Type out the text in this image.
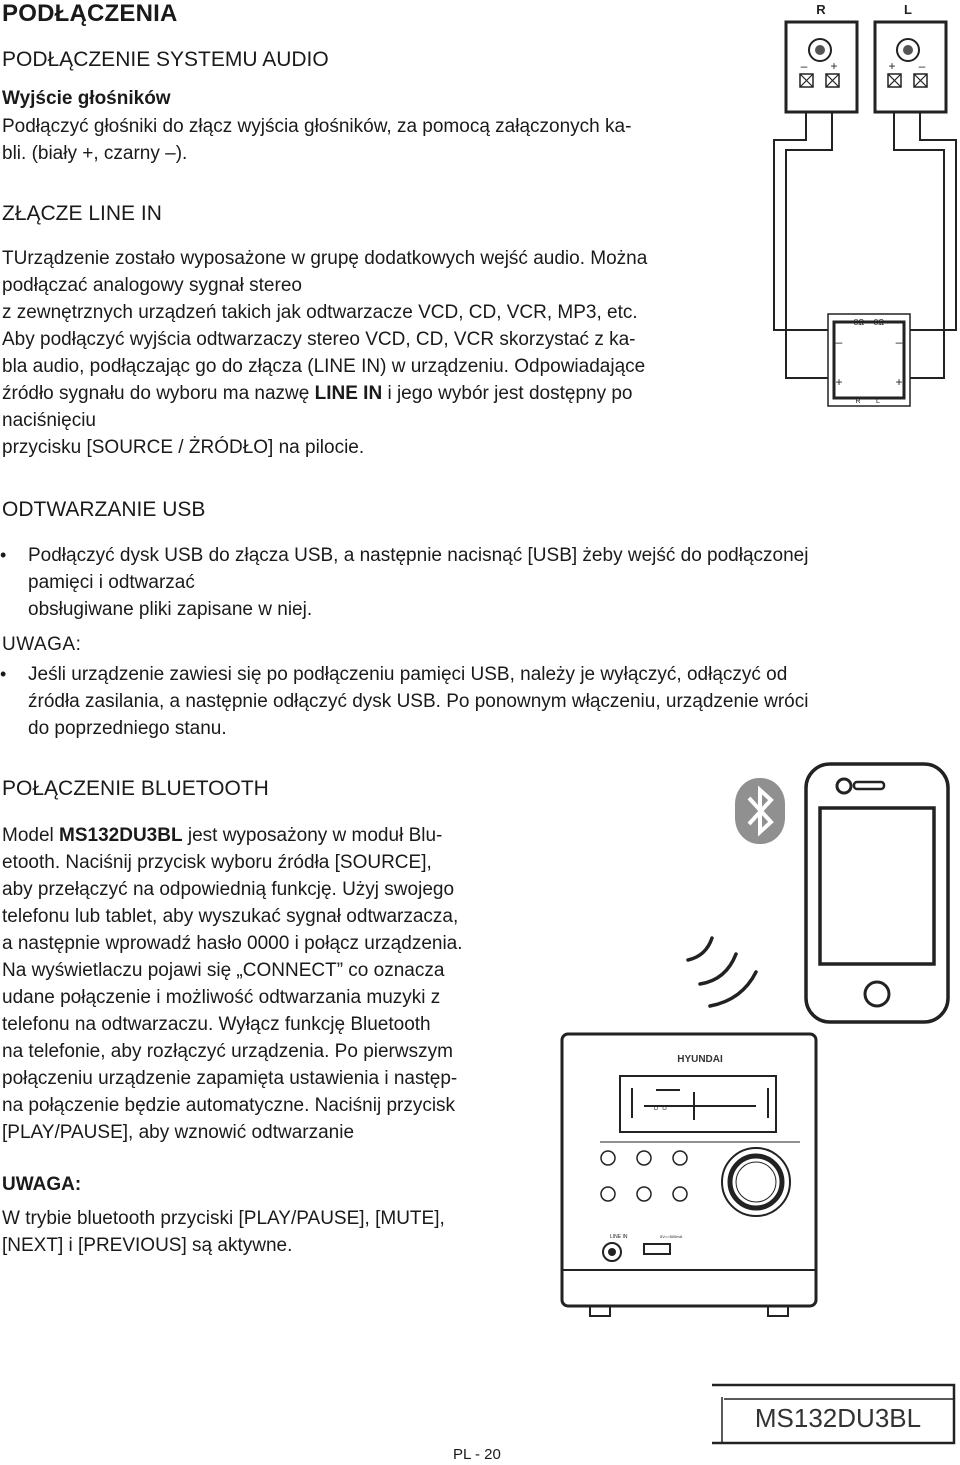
PODŁĄCZENIA
PODŁĄCZENIE SYSTEMU AUDIO
Wyjście głośników

Podłączyć głośniki do złącz wyjścia głośników, za pomocą załączonych ka-

bli. (biały +, czarny –).

ZŁĄCZE LINE IN

TUrządzenie zostało wyposażone w grupę dodatkowych wejść audio. Można

podłączać analogowy sygnał stereo

z zewnętrznych urządzeń takich jak odtwarzacze VCD, CD, VCR, MP3, etc.

Aby podłączyć wyjścia odtwarzaczy stereo VCD, CD, VCR skorzystać z ka-

bla audio, podłączając go do złącza (LINE IN) w urządzeniu. Odpowiadające

źródło sygnału do wyboru ma nazwę LINE IN i jego wybór jest dostępny po

naciśnięciu

przycisku [SOURCE / ŻRÓDŁO] na pilocie.

R	L
– +	+ –
8Ω 8Ω
–	–
+	+
R L
ODTWARZANIE USB
• Podłączyć dysk USB do złącza USB, a następnie nacisnąć [USB] żeby wejść do podłączonej

pamięci i odtwarzać

obsługiwane pliki zapisane w niej.

UWAGA:
• Jeśli urządzenie zawiesi się po podłączeniu pamięci USB, należy je wyłączyć, odłączyć od

źródła zasilania, a następnie odłączyć dysk USB. Po ponownym włączeniu, urządzenie wróci

do poprzedniego stanu.

POŁĄCZENIE BLUETOOTH

Model MS132DU3BL jest wyposażony w moduł Blu-

etooth. Naciśnij przycisk wyboru źródła [SOURCE],

aby przełączyć na odpowiednią funkcję. Użyj swojego

telefonu lub tablet, aby wyszukać sygnał odtwarzacza,

a następnie wprowadź hasło 0000 i połącz urządzenia.

Na wyświetlaczu pojawi się „CONNECT” co oznacza

udane połączenie i możliwość odtwarzania muzyki z

telefonu na odtwarzaczu. Wyłącz funkcję Bluetooth

na telefonie, aby rozłączyć urządzenia. Po pierwszym

połączeniu urządzenie zapamięta ustawienia i następ-

na połączenie będzie automatyczne. Naciśnij przycisk

[PLAY/PAUSE], aby wznowić odtwarzanie

UWAGA:

W trybie bluetooth przyciski [PLAY/PAUSE], [MUTE],

[NEXT] i [PREVIOUS] są aktywne.

HYUNDAI
▫ ▫
LINE IN	5V==500mA
MS132DU3BL
PL - 20
